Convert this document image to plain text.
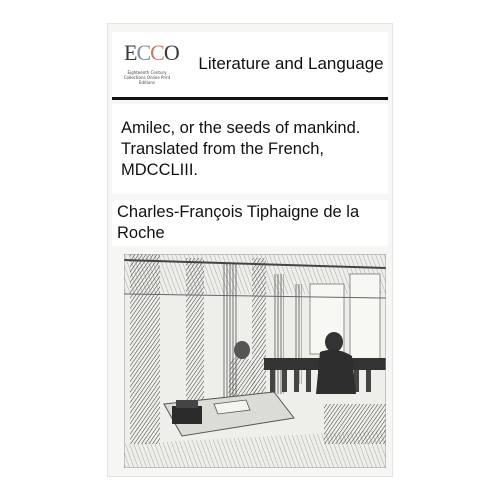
ECCO
Eighteenth Century Collections Online Print Editions
Literature and Language
Amilec, or the seeds of mankind. Translated from the French, MDCCLIII.
Charles-François Tiphaigne de la Roche
